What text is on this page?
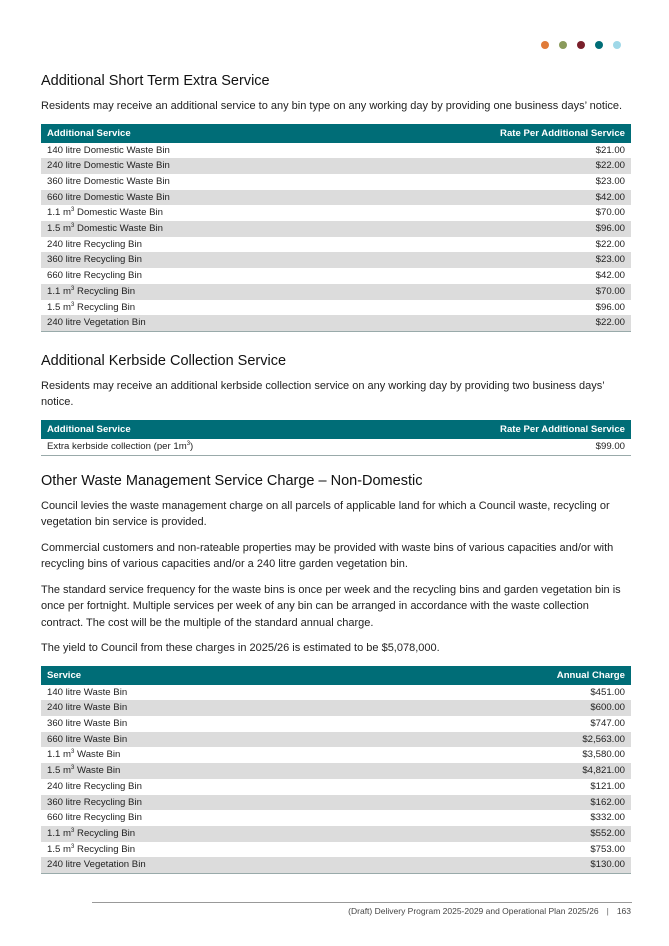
Additional Short Term Extra Service

Residents may receive an additional service to any bin type on any working day by providing one business days’ notice.

Additional Service	Rate Per Additional Service
140 litre Domestic Waste Bin	$21.00
240 litre Domestic Waste Bin	$22.00
360 litre Domestic Waste Bin	$23.00
660 litre Domestic Waste Bin	$42.00
1.1 $m^3$ Domestic Waste Bin	$70.00
1.5 $m^3$ Domestic Waste Bin	$96.00
240 litre Recycling Bin	$22.00
360 litre Recycling Bin	$23.00
660 litre Recycling Bin	$42.00
1.1 $m^3$ Recycling Bin	$70.00
1.5 $m^3$ Recycling Bin	$96.00
240 litre Vegetation Bin	$22.00
Additional Kerbside Collection Service

Residents may receive an additional kerbside collection service on any working day by providing two business days’ notice.

Additional Service	Rate Per Additional Service
Extra kerbside collection (per $1m^3$)	$99.00
Other Waste Management Service Charge – Non-Domestic

Council levies the waste management charge on all parcels of applicable land for which a Council waste, recycling or vegetation bin service is provided.

Commercial customers and non-rateable properties may be provided with waste bins of various capacities and/or with recycling bins of various capacities and/or a 240 litre garden vegetation bin.

The standard service frequency for the waste bins is once per week and the recycling bins and garden vegetation bin is once per fortnight. Multiple services per week of any bin can be arranged in accordance with the waste collection contract. The cost will be the multiple of the standard annual charge.

The yield to Council from these charges in 2025/26 is estimated to be $5,078,000.

Service	Annual Charge
140 litre Waste Bin	$451.00
240 litre Waste Bin	$600.00
360 litre Waste Bin	$747.00
660 litre Waste Bin	$2,563.00
1.1 $m^3$ Waste Bin	$3,580.00
1.5 $m^3$ Waste Bin	$4,821.00
240 litre Recycling Bin	$121.00
360 litre Recycling Bin	$162.00
660 litre Recycling Bin	$332.00
1.1 $m^3$ Recycling Bin	$552.00
1.5 $m^3$ Recycling Bin	$753.00
240 litre Vegetation Bin	$130.00
(Draft) Delivery Program 2025-2029 and Operational Plan 2025/26 | 163
